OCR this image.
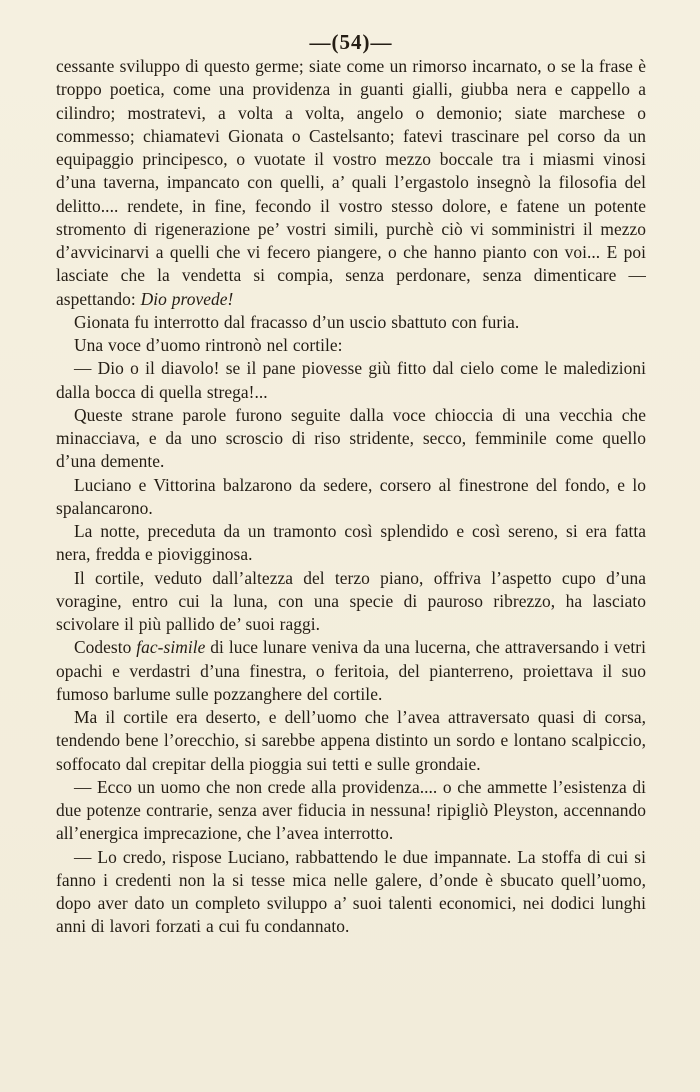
—(54)—

cessante sviluppo di questo germe; siate come un rimorso incarnato, o se la frase è troppo poetica, come una providenza in guanti gialli, giubba nera e cappello a cilindro; mostratevi, a volta a volta, angelo o demonio; siate marchese o commesso; chiamatevi Gionata o Castelsanto; fatevi trascinare pel corso da un equipaggio principesco, o vuotate il vostro mezzo boccale tra i miasmi vinosi d’una taverna, impancato con quelli, a’ quali l’ergastolo insegnò la filosofia del delitto.... rendete, in fine, fecondo il vostro stesso dolore, e fatene un potente stromento di rigenerazione pe’ vostri simili, purchè ciò vi somministri il mezzo d’avvicinarvi a quelli che vi fecero piangere, o che hanno pianto con voi... E poi lasciate che la vendetta si compia, senza perdonare, senza dimenticare — aspettando: Dio provede!

Gionata fu interrotto dal fracasso d’un uscio sbattuto con furia.

Una voce d’uomo rintronò nel cortile:

— Dio o il diavolo! se il pane piovesse giù fitto dal cielo come le maledizioni dalla bocca di quella strega!...

Queste strane parole furono seguite dalla voce chioccia di una vecchia che minacciava, e da uno scroscio di riso stridente, secco, femminile come quello d’una demente.

Luciano e Vittorina balzarono da sedere, corsero al finestrone del fondo, e lo spalancarono.

La notte, preceduta da un tramonto così splendido e così sereno, si era fatta nera, fredda e piovigginosa.

Il cortile, veduto dall’altezza del terzo piano, offriva l’aspetto cupo d’una voragine, entro cui la luna, con una specie di pauroso ribrezzo, ha lasciato scivolare il più pallido de’ suoi raggi.

Codesto fac-simile di luce lunare veniva da una lucerna, che attraversando i vetri opachi e verdastri d’una finestra, o feritoia, del pianterreno, proiettava il suo fumoso barlume sulle pozzanghere del cortile.

Ma il cortile era deserto, e dell’uomo che l’avea attraversato quasi di corsa, tendendo bene l’orecchio, si sarebbe appena distinto un sordo e lontano scalpiccio, soffocato dal crepitar della pioggia sui tetti e sulle grondaie.

— Ecco un uomo che non crede alla providenza.... o che ammette l’esistenza di due potenze contrarie, senza aver fiducia in nessuna! ripigliò Pleyston, accennando all’energica imprecazione, che l’avea interrotto.

— Lo credo, rispose Luciano, rabbattendo le due impannate. La stoffa di cui si fanno i credenti non la si tesse mica nelle galere, d’onde è sbucato quell’uomo, dopo aver dato un completo sviluppo a’ suoi talenti economici, nei dodici lunghi anni di lavori forzati a cui fu condannato.
